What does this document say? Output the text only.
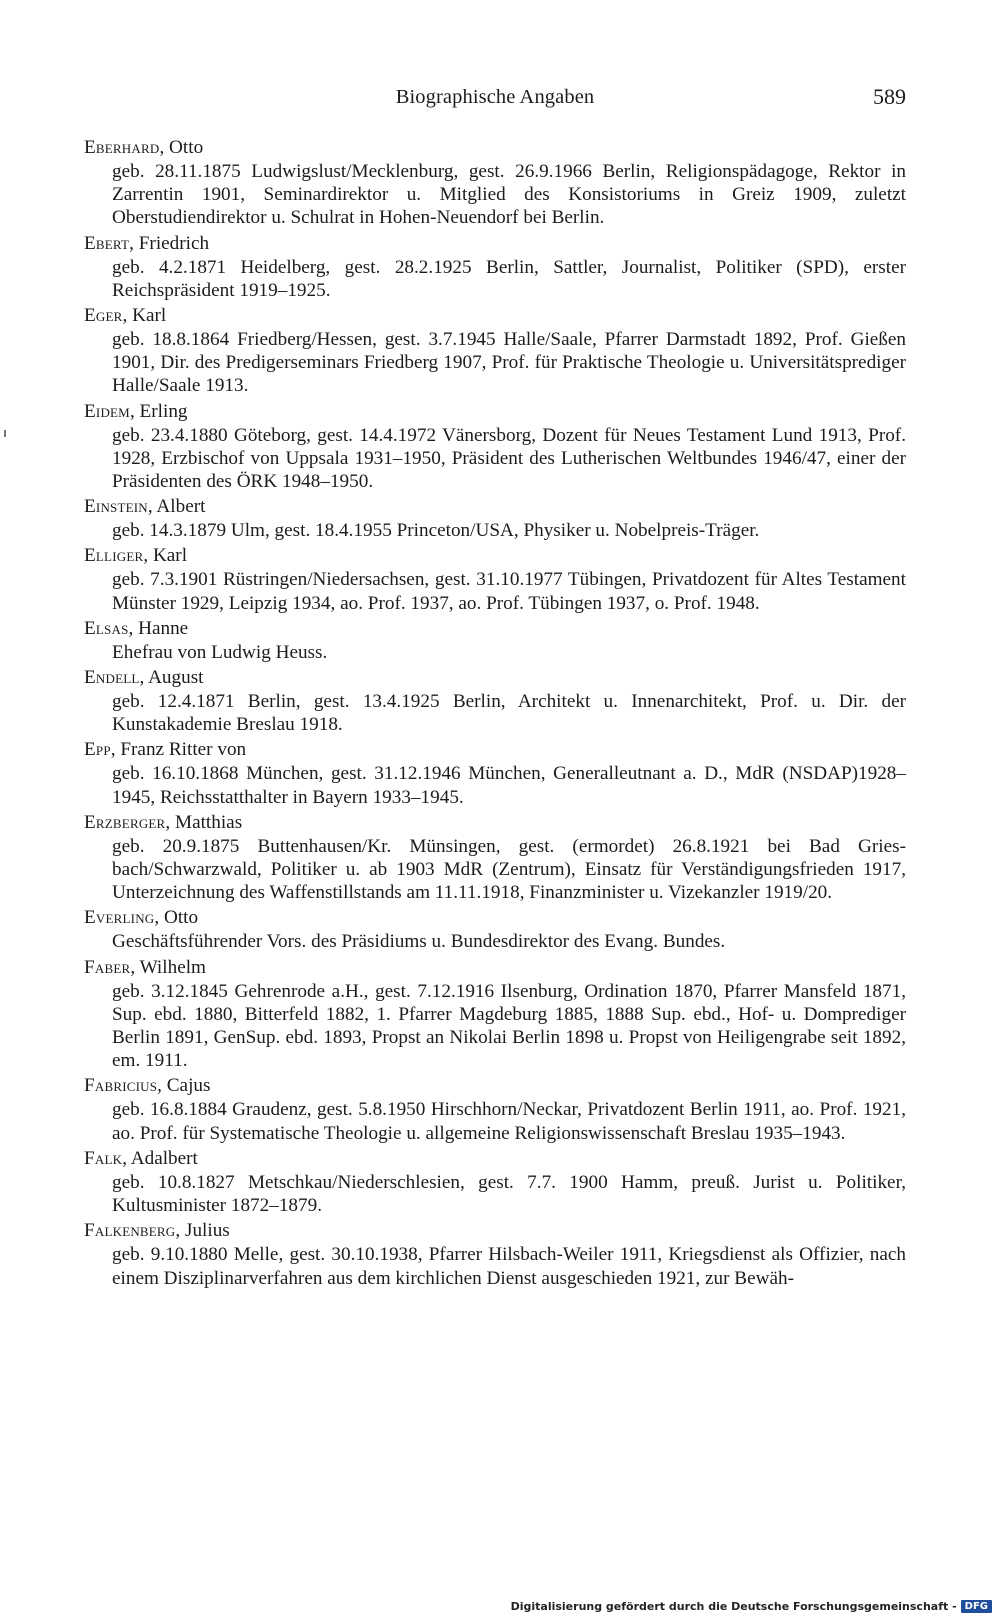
Biographische Angaben	589

Eberhard, Otto

geb. 28.11.1875 Ludwigslust/Mecklenburg, gest. 26.9.1966 Berlin, Religionspädagoge, Rektor in Zarrentin 1901, Seminardirektor u. Mitglied des Konsistoriums in Greiz 1909, zuletzt Oberstudiendirektor u. Schulrat in Hohen-Neuendorf bei Berlin.

Ebert, Friedrich

geb. 4.2.1871 Heidelberg, gest. 28.2.1925 Berlin, Sattler, Journalist, Politiker (SPD), erster Reichspräsident 1919–1925.

Eger, Karl

geb. 18.8.1864 Friedberg/Hessen, gest. 3.7.1945 Halle/Saale, Pfarrer Darmstadt 1892, Prof. Gießen 1901, Dir. des Predigerseminars Friedberg 1907, Prof. für Praktische Theologie u. Universitätsprediger Halle/Saale 1913.

Eidem, Erling

geb. 23.4.1880 Göteborg, gest. 14.4.1972 Vänersborg, Dozent für Neues Testament Lund 1913, Prof. 1928, Erzbischof von Uppsala 1931–1950, Präsident des Lutherischen Weltbundes 1946/47, einer der Präsidenten des ÖRK 1948–1950.

Einstein, Albert

geb. 14.3.1879 Ulm, gest. 18.4.1955 Princeton/USA, Physiker u. Nobelpreis-Träger.

Elliger, Karl

geb. 7.3.1901 Rüstringen/Niedersachsen, gest. 31.10.1977 Tübingen, Privatdozent für Altes Testament Münster 1929, Leipzig 1934, ao. Prof. 1937, ao. Prof. Tübingen 1937, o. Prof. 1948.

Elsas, Hanne

Ehefrau von Ludwig Heuss.

Endell, August

geb. 12.4.1871 Berlin, gest. 13.4.1925 Berlin, Architekt u. Innenarchitekt, Prof. u. Dir. der Kunstakademie Breslau 1918.

Epp, Franz Ritter von

geb. 16.10.1868 München, gest. 31.12.1946 München, Generalleutnant a. D., MdR (NSDAP)1928–1945, Reichsstatthalter in Bayern 1933–1945.

Erzberger, Matthias

geb. 20.9.1875 Buttenhausen/Kr. Münsingen, gest. (ermordet) 26.8.1921 bei Bad Gries-bach/Schwarzwald, Politiker u. ab 1903 MdR (Zentrum), Einsatz für Verständigungsfrieden 1917, Unterzeichnung des Waffenstillstands am 11.11.1918, Finanzminister u. Vizekanzler 1919/20.

Everling, Otto

Geschäftsführender Vors. des Präsidiums u. Bundesdirektor des Evang. Bundes.

Faber, Wilhelm

geb. 3.12.1845 Gehrenrode a.H., gest. 7.12.1916 Ilsenburg, Ordination 1870, Pfarrer Mansfeld 1871, Sup. ebd. 1880, Bitterfeld 1882, 1. Pfarrer Magdeburg 1885, 1888 Sup. ebd., Hof- u. Domprediger Berlin 1891, GenSup. ebd. 1893, Propst an Nikolai Berlin 1898 u. Propst von Heiligengrabe seit 1892, em. 1911.

Fabricius, Cajus

geb. 16.8.1884 Graudenz, gest. 5.8.1950 Hirschhorn/Neckar, Privatdozent Berlin 1911, ao. Prof. 1921, ao. Prof. für Systematische Theologie u. allgemeine Religionswissenschaft Breslau 1935–1943.

Falk, Adalbert

geb. 10.8.1827 Metschkau/Niederschlesien, gest. 7.7. 1900 Hamm, preuß. Jurist u. Politiker, Kultusminister 1872–1879.

Falkenberg, Julius

geb. 9.10.1880 Melle, gest. 30.10.1938, Pfarrer Hilsbach-Weiler 1911, Kriegsdienst als Offizier, nach einem Disziplinarverfahren aus dem kirchlichen Dienst ausgeschieden 1921, zur Bewäh-

Digitalisierung gefördert durch die Deutsche Forschungsgemeinschaft - DFG
